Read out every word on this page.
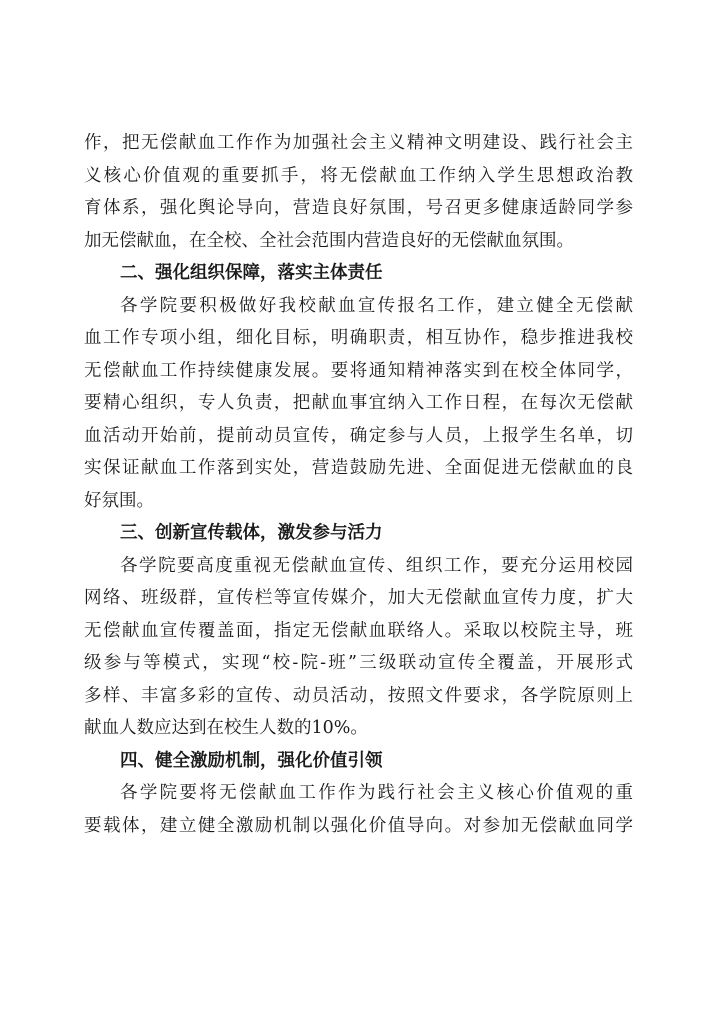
作，把无偿献血工作作为加强社会主义精神文明建设、践行社会主
义核心价值观的重要抓手，将无偿献血工作纳入学生思想政治教
育体系，强化舆论导向，营造良好氛围，号召更多健康适龄同学参
加无偿献血，在全校、全社会范围内营造良好的无偿献血氛围。
二、强化组织保障，落实主体责任
各学院要积极做好我校献血宣传报名工作，建立健全无偿献
血工作专项小组，细化目标，明确职责，相互协作，稳步推进我校
无偿献血工作持续健康发展。要将通知精神落实到在校全体同学，
要精心组织，专人负责，把献血事宜纳入工作日程，在每次无偿献
血活动开始前，提前动员宣传，确定参与人员，上报学生名单，切
实保证献血工作落到实处，营造鼓励先进、全面促进无偿献血的良
好氛围。
三、创新宣传载体，激发参与活力
各学院要高度重视无偿献血宣传、组织工作，要充分运用校园
网络、班级群，宣传栏等宣传媒介，加大无偿献血宣传力度，扩大
无偿献血宣传覆盖面，指定无偿献血联络人。采取以校院主导，班
级参与等模式，实现“校-院-班”三级联动宣传全覆盖，开展形式
多样、丰富多彩的宣传、动员活动，按照文件要求，各学院原则上
献血人数应达到在校生人数的10%。
四、健全激励机制，强化价值引领
各学院要将无偿献血工作作为践行社会主义核心价值观的重
要载体，建立健全激励机制以强化价值导向。对参加无偿献血同学
